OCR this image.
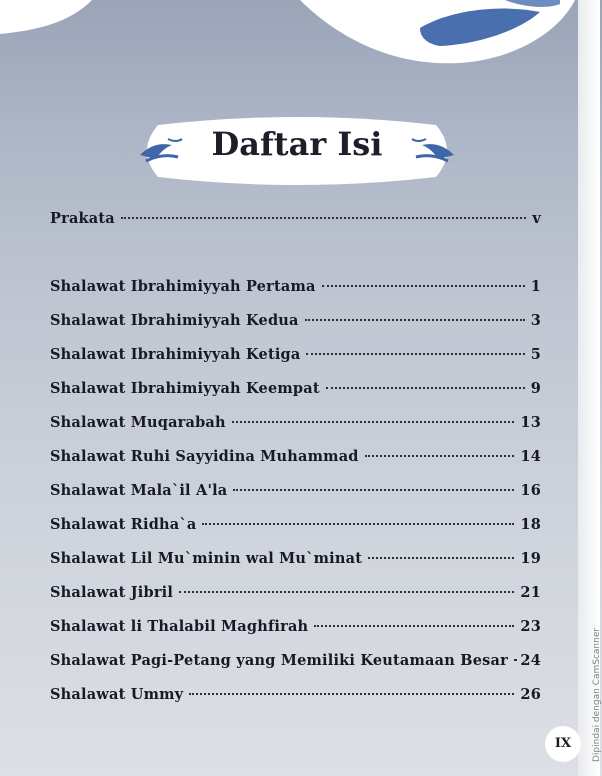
Daftar Isi
Prakata	v
Shalawat Ibrahimiyyah Pertama	1
Shalawat Ibrahimiyyah Kedua	3
Shalawat Ibrahimiyyah Ketiga	5
Shalawat Ibrahimiyyah Keempat	9
Shalawat Muqarabah	13
Shalawat Ruhi Sayyidina Muhammad	14
Shalawat Mala`il A'la	16
Shalawat Ridha`a	18
Shalawat Lil Mu`minin wal Mu`minat	19
Shalawat Jibril	21
Shalawat li Thalabil Maghfirah	23
Shalawat Pagi-Petang yang Memiliki Keutamaan Besar 24
Shalawat Ummy	26
IX	Dipindai dengan CamScanner
